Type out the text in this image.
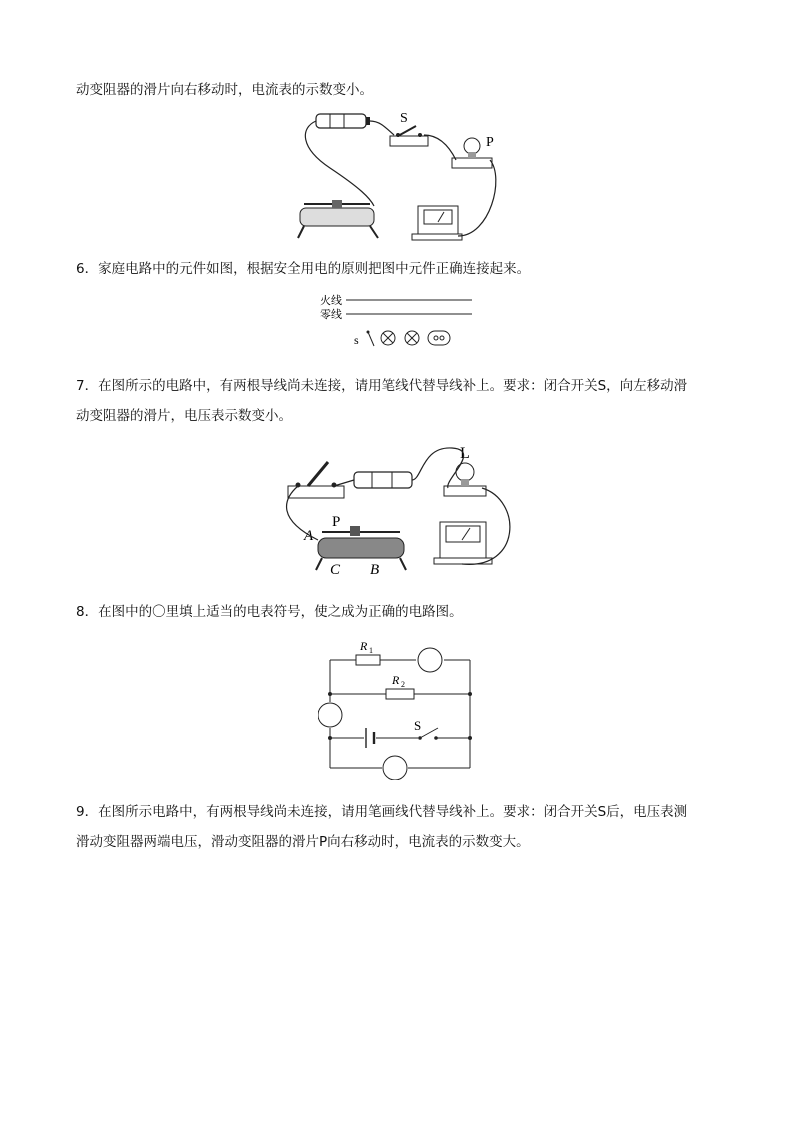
动变阻器的滑片向右移动时，电流表的示数变小。

S
P

6．家庭电路中的元件如图，根据安全用电的原则把图中元件正确连接起来。

火线
零线
s

7．在图所示的电路中，有两根导线尚未连接，请用笔线代替导线补上。要求：闭合开关S，向左移动滑

动变阻器的滑片，电压表示数变小。

L
A
P
C B

8．在图中的〇里填上适当的电表符号，使之成为正确的电路图。

R 1
R 2
S

9．在图所示电路中，有两根导线尚未连接，请用笔画线代替导线补上。要求：闭合开关S后，电压表测

滑动变阻器两端电压，滑动变阻器的滑片P向右移动时，电流表的示数变大。
